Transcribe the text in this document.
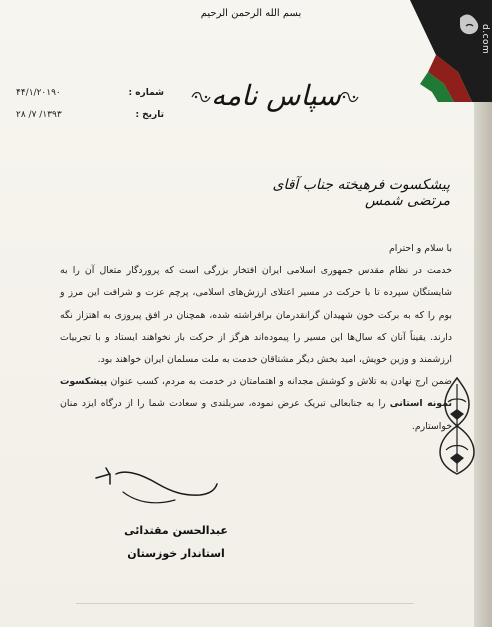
d.com
بسم الله الرحمن الرحیم
شماره :
۴۴/۱/۲۰۱۹۰
تاریخ :
۱۳۹۳/ ۷/ ۲۸
سپاس نامه
پیشکسوت فرهیخته جناب آقای مرتضی شمس

با سلام و احترام

خدمت در نظام مقدس جمهوری اسلامی ایران افتخار بزرگی است که پروردگار متعال آن را به شایستگان سپرده تا با حرکت در مسیر اعتلای ارزش‌های اسلامی، پرچم عزت و شرافت این مرز و بوم را که به برکت خون شهیدان گرانقدرمان برافراشته شده، همچنان در افق پیروزی به اهتزاز نگه دارند. یقیناً آنان که سال‌ها این مسیر را پیموده‌اند هرگز از حرکت باز نخواهند ایستاد و با تجربیات ارزشمند و وزین خویش، امید بخش دیگر مشتاقان خدمت به ملت مسلمان ایران خواهند بود.

ضمن ارج نهادن به تلاش و کوشش مجدانه و اهتمامتان در خدمت به مردم، کسب عنوان پیشکسوت نمونه استانی را به جنابعالی تبریک عرض نموده، سربلندی و سعادت شما را از درگاه ایزد منان خواستارم.

عبدالحسن مقتدائی
استاندار خوزستان
